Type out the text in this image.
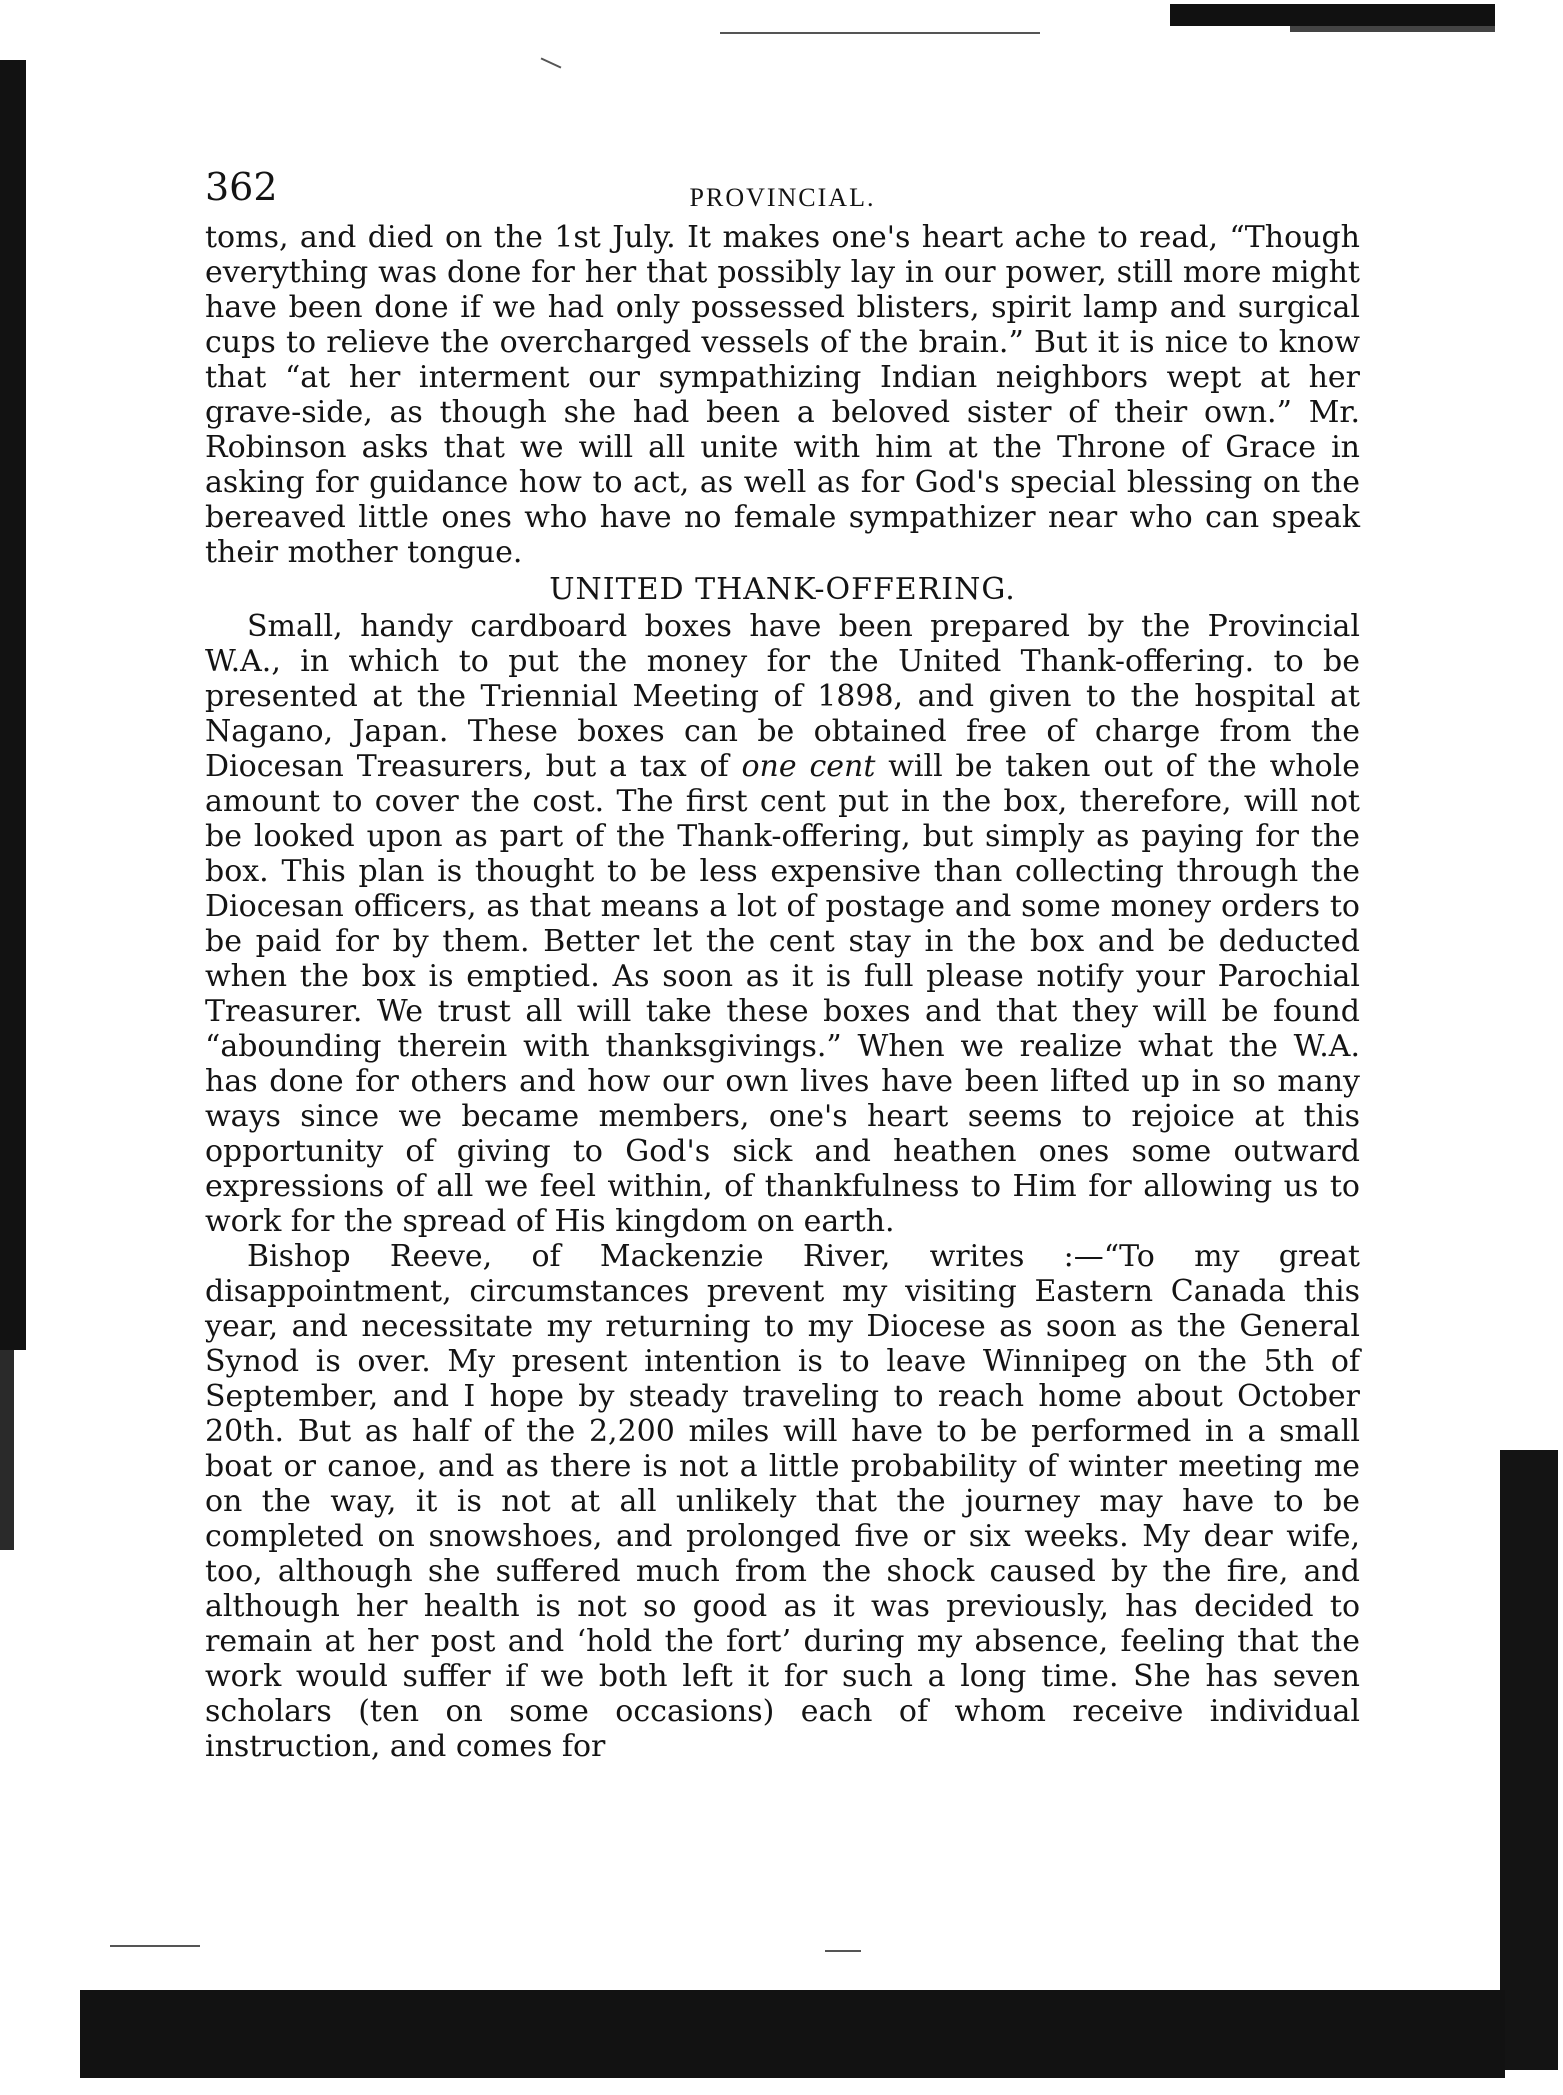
362	PROVINCIAL.

toms, and died on the 1st July. It makes one's heart ache to read, “Though everything was done for her that possibly lay in our power, still more might have been done if we had only possessed blisters, spirit lamp and surgical cups to relieve the overcharged vessels of the brain.” But it is nice to know that “at her interment our sympathizing Indian neighbors wept at her grave-side, as though she had been a beloved sister of their own.” Mr. Robinson asks that we will all unite with him at the Throne of Grace in asking for guidance how to act, as well as for God's special blessing on the bereaved little ones who have no female sympathizer near who can speak their mother tongue.

UNITED THANK-OFFERING.

Small, handy cardboard boxes have been prepared by the Provincial W.A., in which to put the money for the United Thank-offering. to be presented at the Triennial Meeting of 1898, and given to the hospital at Nagano, Japan. These boxes can be obtained free of charge from the Diocesan Treasurers, but a tax of one cent will be taken out of the whole amount to cover the cost. The first cent put in the box, therefore, will not be looked upon as part of the Thank-offering, but simply as paying for the box. This plan is thought to be less expensive than collecting through the Diocesan officers, as that means a lot of postage and some money orders to be paid for by them. Better let the cent stay in the box and be deducted when the box is emptied. As soon as it is full please notify your Parochial Treasurer. We trust all will take these boxes and that they will be found “abounding therein with thanksgivings.” When we realize what the W.A. has done for others and how our own lives have been lifted up in so many ways since we became members, one's heart seems to rejoice at this opportunity of giving to God's sick and heathen ones some outward expressions of all we feel within, of thankfulness to Him for allowing us to work for the spread of His kingdom on earth.

Bishop Reeve, of Mackenzie River, writes :—“To my great disappointment, circumstances prevent my visiting Eastern Canada this year, and necessitate my returning to my Diocese as soon as the General Synod is over. My present intention is to leave Winnipeg on the 5th of September, and I hope by steady traveling to reach home about October 20th. But as half of the 2,200 miles will have to be performed in a small boat or canoe, and as there is not a little probability of winter meeting me on the way, it is not at all unlikely that the journey may have to be completed on snowshoes, and prolonged five or six weeks. My dear wife, too, although she suffered much from the shock caused by the fire, and although her health is not so good as it was previously, has decided to remain at her post and ‘hold the fort’ during my absence, feeling that the work would suffer if we both left it for such a long time. She has seven scholars (ten on some occasions) each of whom receive individual instruction, and comes for
